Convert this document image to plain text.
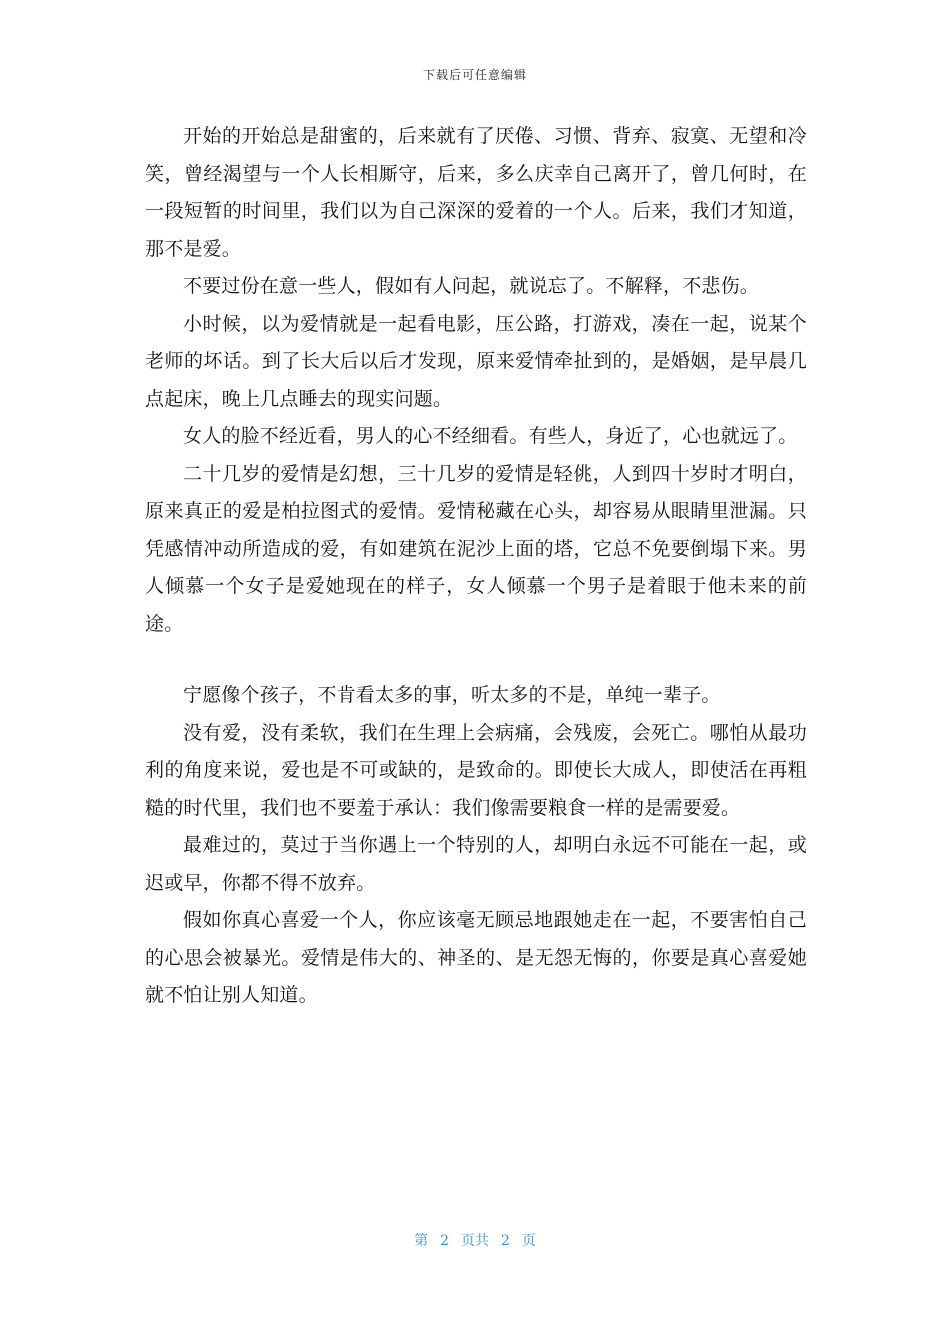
下载后可任意编辑

开始的开始总是甜蜜的，后来就有了厌倦、习惯、背弃、寂寞、无望和冷笑，曾经渴望与一个人长相厮守，后来，多么庆幸自己离开了，曾几何时，在一段短暂的时间里，我们以为自己深深的爱着的一个人。后来，我们才知道，那不是爱。

不要过份在意一些人，假如有人问起，就说忘了。不解释，不悲伤。

小时候，以为爱情就是一起看电影，压公路，打游戏，凑在一起，说某个老师的坏话。到了长大后以后才发现，原来爱情牵扯到的，是婚姻，是早晨几点起床，晚上几点睡去的现实问题。

女人的脸不经近看，男人的心不经细看。有些人，身近了，心也就远了。

二十几岁的爱情是幻想，三十几岁的爱情是轻佻，人到四十岁时才明白，原来真正的爱是柏拉图式的爱情。爱情秘藏在心头，却容易从眼睛里泄漏。只凭感情冲动所造成的爱，有如建筑在泥沙上面的塔，它总不免要倒塌下来。男人倾慕一个女子是爱她现在的样子，女人倾慕一个男子是着眼于他未来的前途。

宁愿像个孩子，不肯看太多的事，听太多的不是，单纯一辈子。

没有爱，没有柔软，我们在生理上会病痛，会残废，会死亡。哪怕从最功利的角度来说，爱也是不可或缺的，是致命的。即使长大成人，即使活在再粗糙的时代里，我们也不要羞于承认：我们像需要粮食一样的是需要爱。

最难过的，莫过于当你遇上一个特别的人，却明白永远不可能在一起，或迟或早，你都不得不放弃。

假如你真心喜爱一个人，你应该毫无顾忌地跟她走在一起，不要害怕自己的心思会被暴光。爱情是伟大的、神圣的、是无怨无悔的，你要是真心喜爱她就不怕让别人知道。

第 2 页共 2 页
